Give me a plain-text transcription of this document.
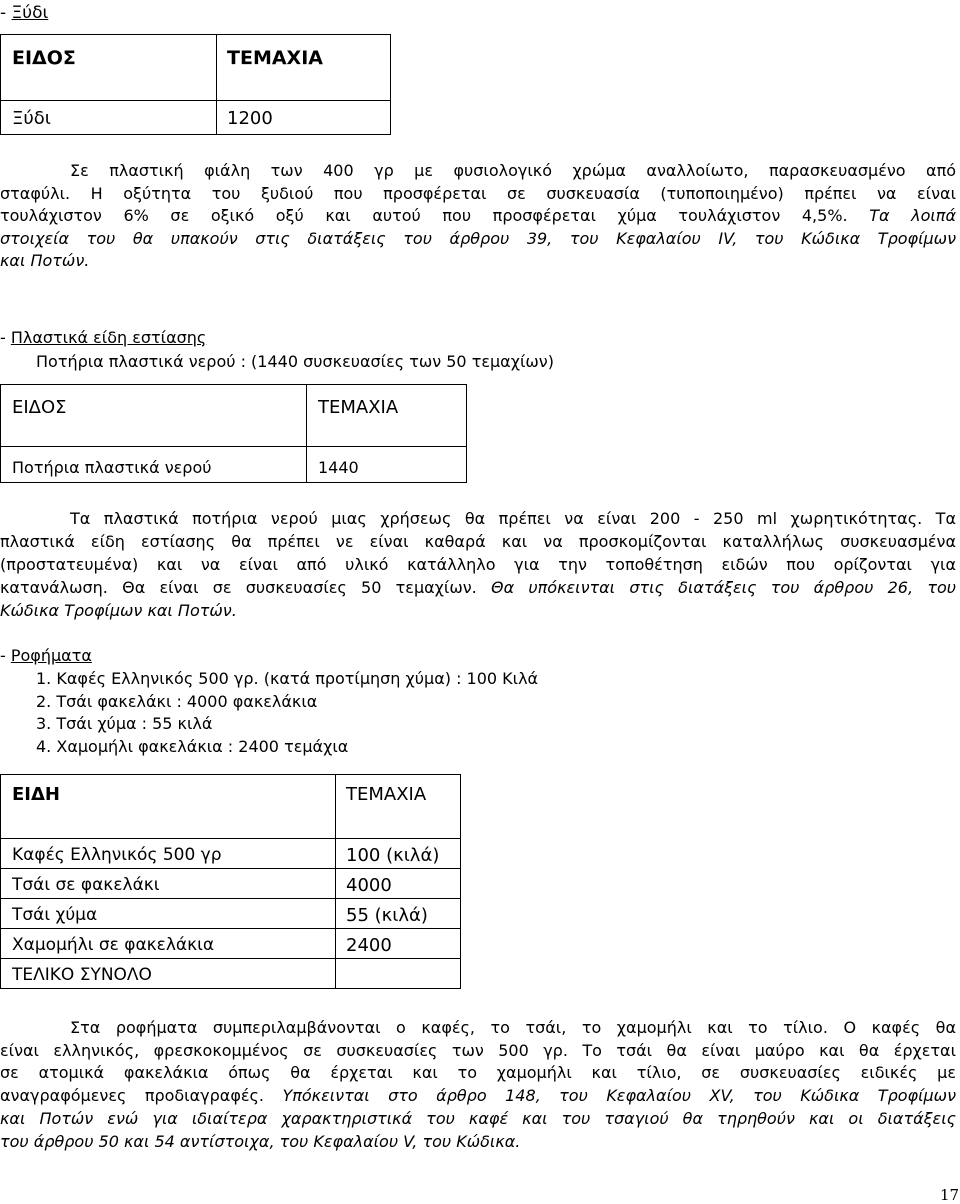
- Ξύδι

ΕΙΔΟΣ	ΤΕΜΑΧΙΑ
Ξύδι	1200
Σε πλαστική φιάλη των 400 γρ με φυσιολογικό χρώμα αναλλοίωτο, παρασκευασμένο από
σταφύλι. Η οξύτητα του ξυδιού που προσφέρεται σε συσκευασία (τυποποιημένο) πρέπει να είναι
τουλάχιστον 6% σε οξικό οξύ και αυτού που προσφέρεται χύμα τουλάχιστον 4,5%. Τα λοιπά
στοιχεία του θα υπακούν στις διατάξεις του άρθρου 39, του Κεφαλαίου IV, του Κώδικα Τροφίμων
και Ποτών.
- Πλαστικά είδη εστίασης
Ποτήρια πλαστικά νερού : (1440 συσκευασίες των 50 τεμαχίων)

ΕΙΔΟΣ	ΤΕΜΑΧΙΑ
Ποτήρια πλαστικά νερού	1440
Τα πλαστικά ποτήρια νερού μιας χρήσεως θα πρέπει να είναι 200 - 250 ml χωρητικότητας. Τα
πλαστικά είδη εστίασης θα πρέπει νε είναι καθαρά και να προσκομίζονται καταλλήλως συσκευασμένα
(προστατευμένα) και να είναι από υλικό κατάλληλο για την τοποθέτηση ειδών που ορίζονται για
κατανάλωση. Θα είναι σε συσκευασίες 50 τεμαχίων. Θα υπόκεινται στις διατάξεις του άρθρου 26, του
Κώδικα Τροφίμων και Ποτών.
- Ροφήματα
1. Καφές Ελληνικός 500 γρ. (κατά προτίμηση χύμα) : 100 Κιλά
2. Τσάι φακελάκι : 4000 φακελάκια
3. Τσάι χύμα : 55 κιλά
4. Χαμομήλι φακελάκια : 2400 τεμάχια

ΕΙΔΗ	ΤΕΜΑΧΙΑ
Καφές Ελληνικός 500 γρ	100 (κιλά)
Τσάι σε φακελάκι	4000
Τσάι χύμα	55 (κιλά)
Χαμομήλι σε φακελάκια	2400
ΤΕΛΙΚΟ ΣΥΝΟΛΟ
Στα ροφήματα συμπεριλαμβάνονται ο καφές, το τσάι, το χαμομήλι και το τίλιο. Ο καφές θα
είναι ελληνικός, φρεσκοκομμένος σε συσκευασίες των 500 γρ. Το τσάι θα είναι μαύρο και θα έρχεται
σε ατομικά φακελάκια όπως θα έρχεται και το χαμομήλι και τίλιο, σε συσκευασίες ειδικές με
αναγραφόμενες προδιαγραφές. Υπόκεινται στο άρθρο 148, του Κεφαλαίου XV, του Κώδικα Τροφίμων
και Ποτών ενώ για ιδιαίτερα χαρακτηριστικά του καφέ και του τσαγιού θα τηρηθούν και οι διατάξεις
του άρθρου 50 και 54 αντίστοιχα, του Κεφαλαίου V, του Κώδικα.
17
